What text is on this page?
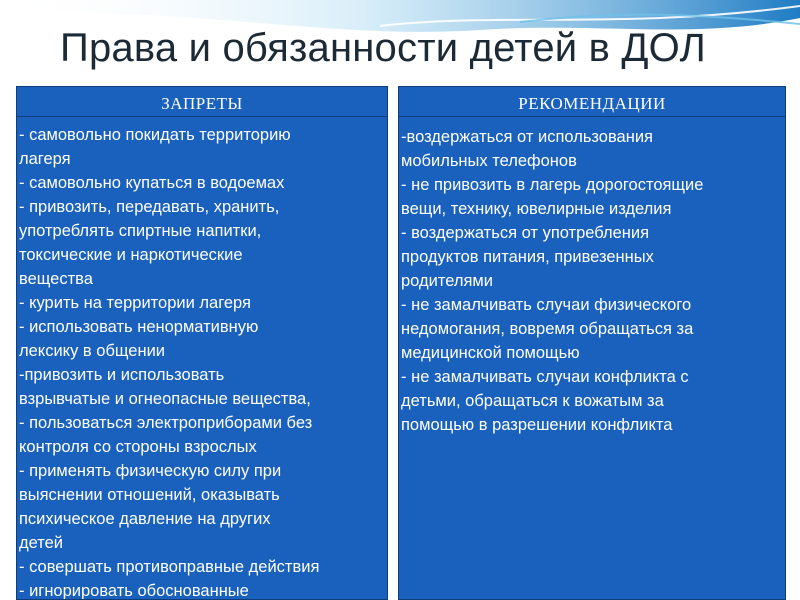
Права и обязанности детей в ДОЛ
ЗАПРЕТЫ
- самовольно покидать территорию
лагеря
- самовольно купаться в водоемах
- привозить, передавать, хранить,
употреблять спиртные напитки,
токсические и наркотические
вещества
- курить на территории лагеря
- использовать ненормативную
лексику в общении
-привозить и использовать
взрывчатые и огнеопасные вещества,
- пользоваться электроприборами без
контроля со стороны взрослых
- применять физическую силу при
выяснении отношений, оказывать
психическое давление на других
детей
- совершать противоправные действия
- игнорировать обоснованные
РЕКОМЕНДАЦИИ
-воздержаться от использования
мобильных телефонов
- не привозить в лагерь дорогостоящие
вещи, технику, ювелирные изделия
- воздержаться от употребления
продуктов питания, привезенных
родителями
- не замалчивать случаи физического
недомогания, вовремя обращаться за
медицинской помощью
- не замалчивать случаи конфликта с
детьми, обращаться к вожатым за
помощью в разрешении конфликта
